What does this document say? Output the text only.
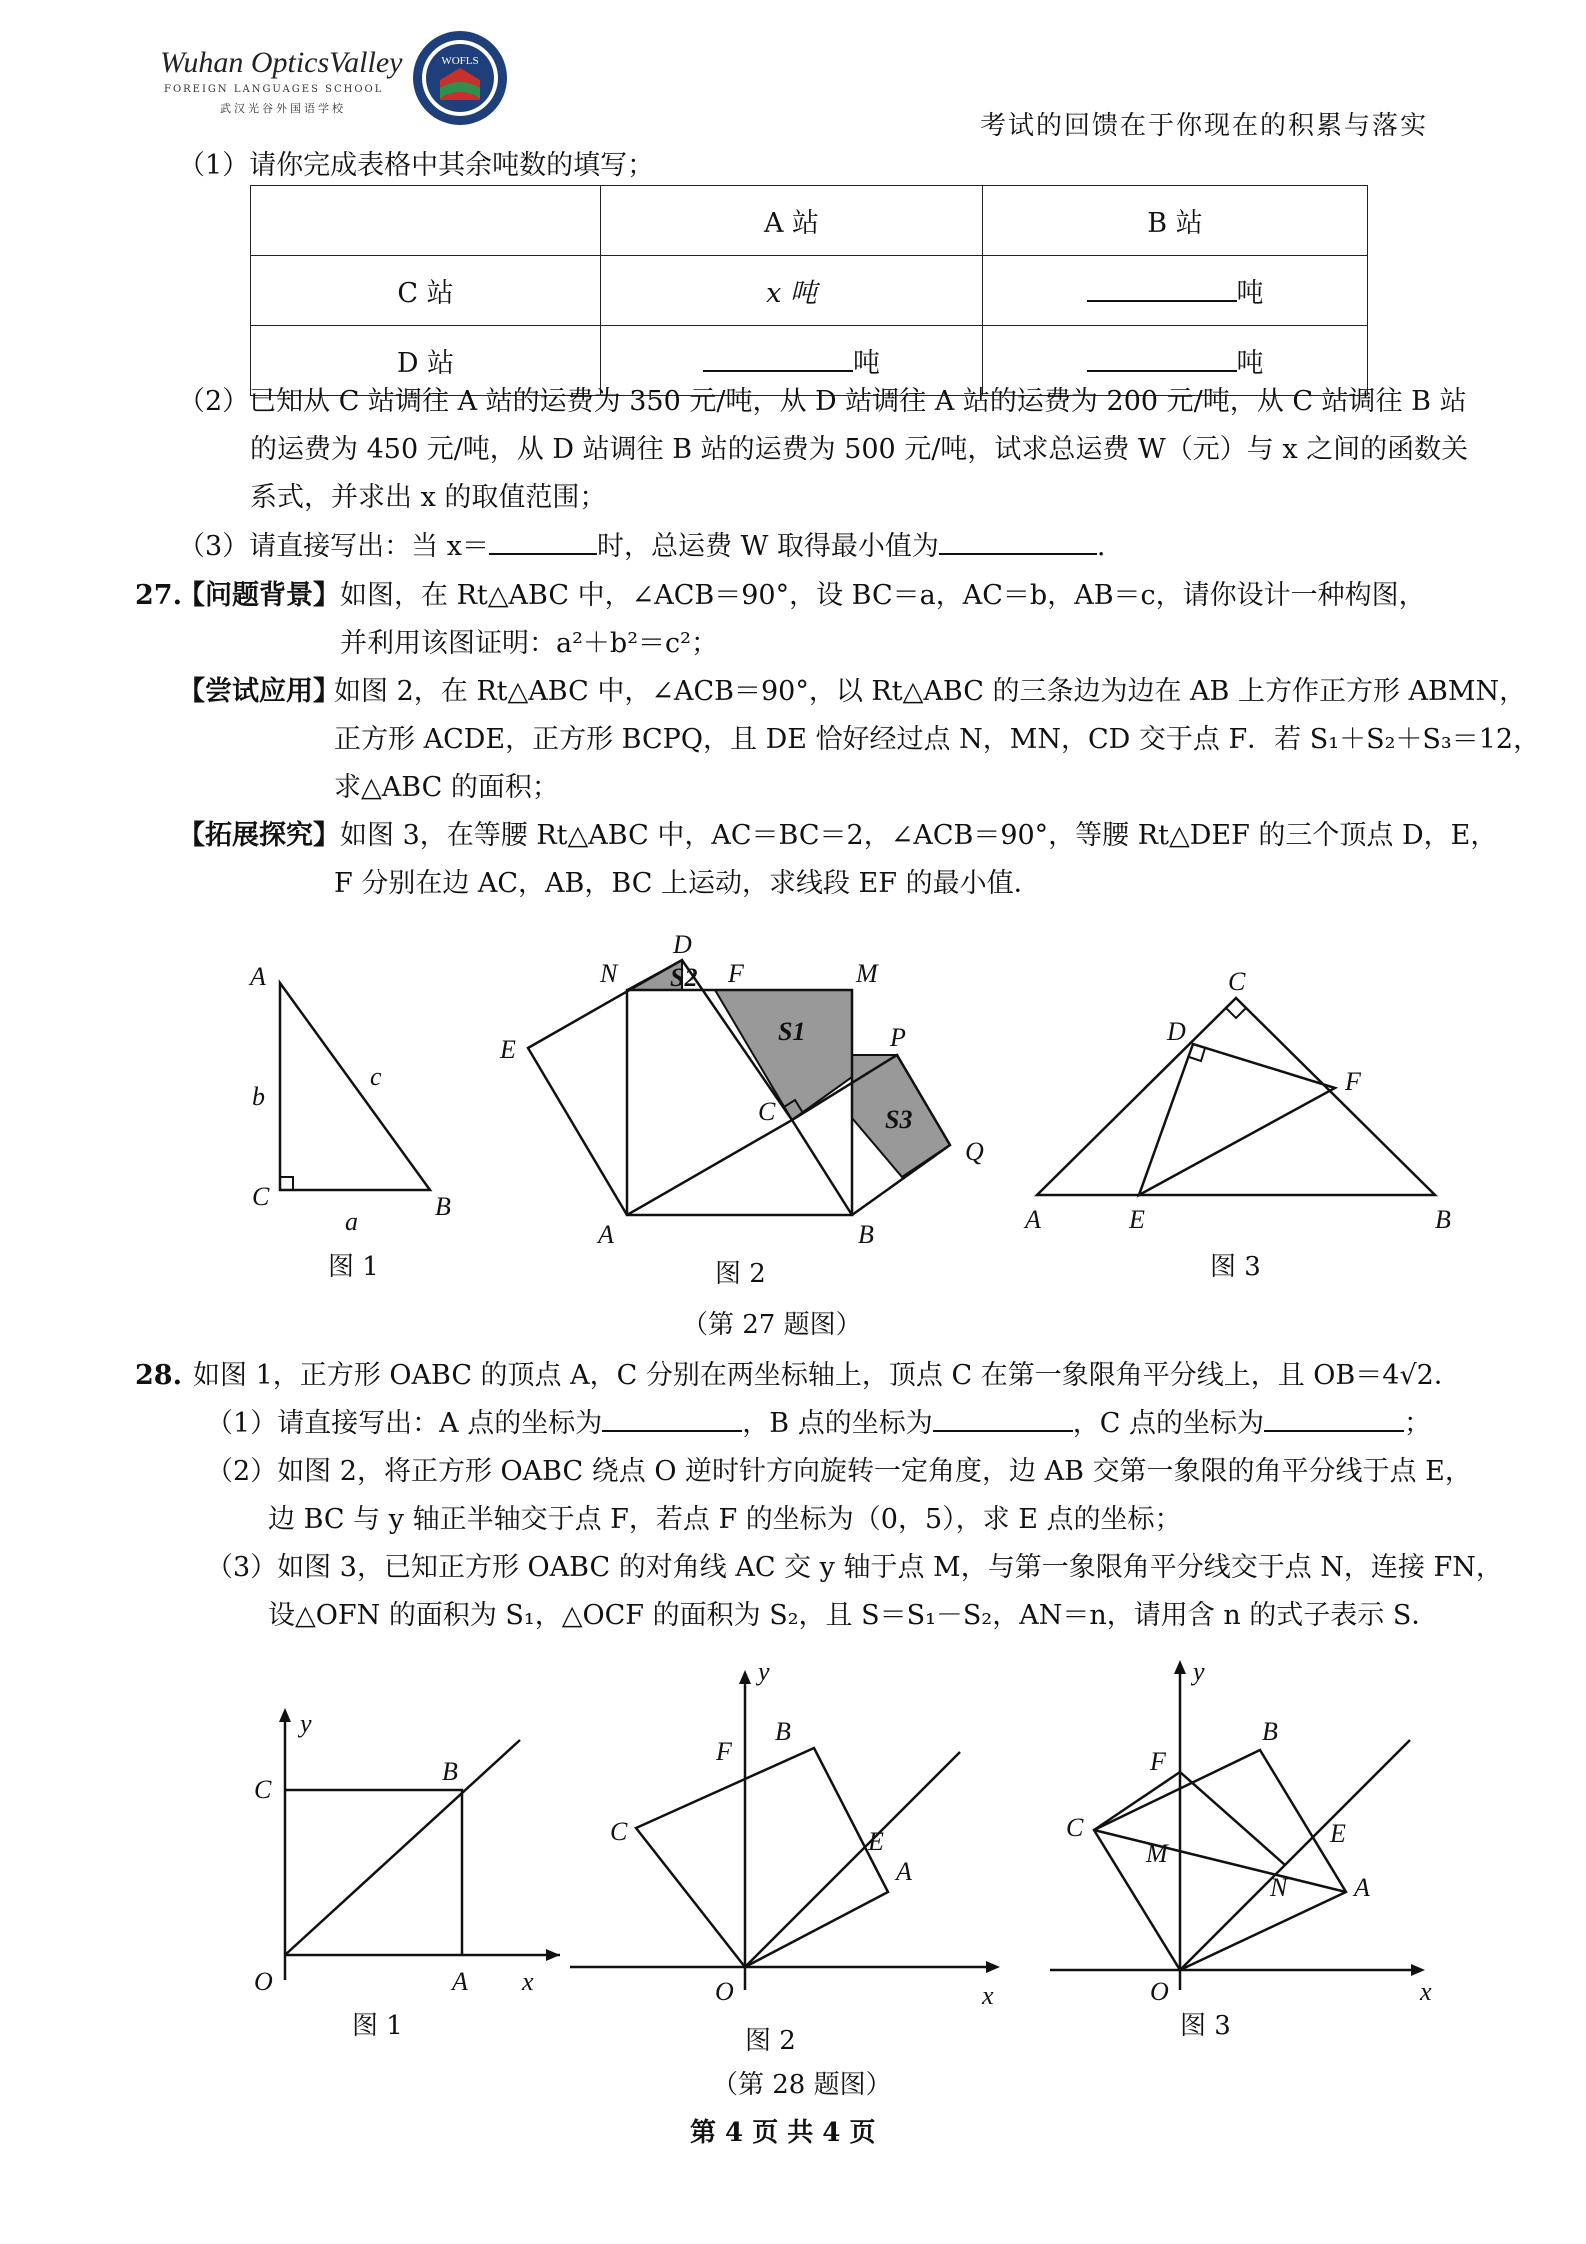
Wuhan OpticsValley
FOREIGN LANGUAGES SCHOOL
武汉光谷外国语学校
WOFLS
考试的回馈在于你现在的积累与落实
（1）请你完成表格中其余吨数的填写；
	A 站	B 站
C 站	x 吨	吨
D 站	吨	吨
（2）已知从 C 站调往 A 站的运费为 350 元/吨，从 D 站调往 A 站的运费为 200 元/吨，从 C 站调往 B 站
的运费为 450 元/吨，从 D 站调往 B 站的运费为 500 元/吨，试求总运费 W（元）与 x 之间的函数关
系式，并求出 x 的取值范围；
（3）请直接写出：当 x＝	时，总运费 W 取得最小值为	.
27.
【问题背景】 如图，在 Rt△ABC 中，∠ACB＝90°，设 BC＝a，AC＝b，AB＝c，请你设计一种构图，
并利用该图证明：a²＋b²＝c²；
【尝试应用】
如图 2，在 Rt△ABC 中，∠ACB＝90°，以 Rt△ABC 的三条边为边在 AB 上方作正方形 ABMN，
正方形 ACDE，正方形 BCPQ，且 DE 恰好经过点 N，MN，CD 交于点 F．若 S₁＋S₂＋S₃＝12，
求△ABC 的面积；
【拓展探究】 如图 3，在等腰 Rt△ABC 中，AC＝BC＝2，∠ACB＝90°，等腰 Rt△DEF 的三个顶点 D，E，
F 分别在边 AC，AB，BC 上运动，求线段 EF 的最小值．
A
C	B
b
c
a
图 1
D
N	F	M
E	P
C
Q
A	B
S2
S1
S3
图 2
C
D
F
A	E	B
图 3
（第 27 题图）
28. 如图 1，正方形 OABC 的顶点 A，C 分别在两坐标轴上，顶点 C 在第一象限角平分线上，且 OB＝4√2．
（1）请直接写出：A 点的坐标为	，B 点的坐标为	，C 点的坐标为	；
（2）如图 2，将正方形 OABC 绕点 O 逆时针方向旋转一定角度，边 AB 交第一象限的角平分线于点 E，
边 BC 与 y 轴正半轴交于点 F，若点 F 的坐标为（0，5），求 E 点的坐标；
（3）如图 3，已知正方形 OABC 的对角线 AC 交 y 轴于点 M，与第一象限角平分线交于点 N，连接 FN，
设△OFN 的面积为 S₁，△OCF 的面积为 S₂，且 S＝S₁－S₂，AN＝n，请用含 n 的式子表示 S．
y
C
B
O	A x
图 1
y
B
F
C	E
A
O	x
图 2
y
B
F
C
M
E
N	A
O	x
图 3
（第 28 题图）
第 4 页 共 4 页
